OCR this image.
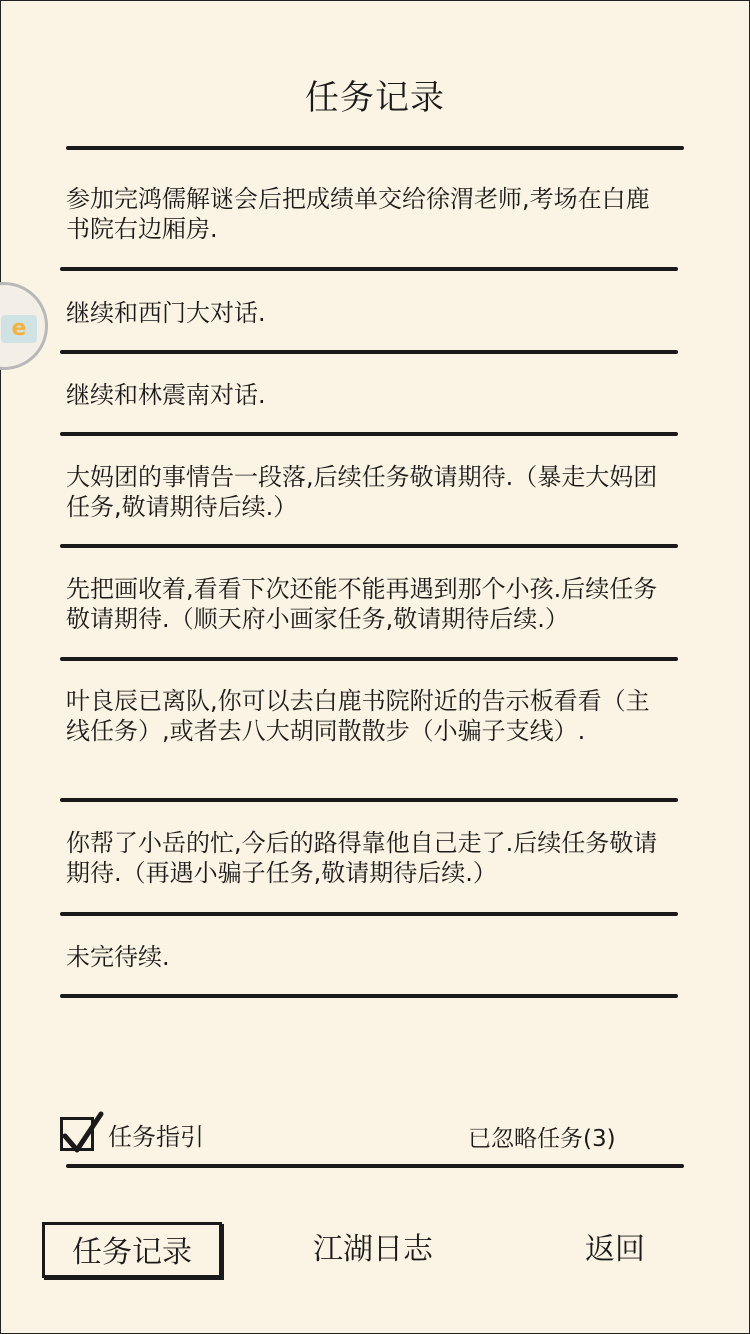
任务记录
参加完鸿儒解谜会后把成绩单交给徐渭老师,考场在白鹿书院右边厢房.
继续和西门大对话.
继续和林震南对话.
大妈团的事情告一段落,后续任务敬请期待.（暴走大妈团任务,敬请期待后续.）
先把画收着,看看下次还能不能再遇到那个小孩.后续任务敬请期待.（顺天府小画家任务,敬请期待后续.）
叶良辰已离队,你可以去白鹿书院附近的告示板看看（主线任务）,或者去八大胡同散散步（小骗子支线）.
你帮了小岳的忙,今后的路得靠他自己走了.后续任务敬请期待.（再遇小骗子任务,敬请期待后续.）
未完待续.
e
任务指引	已忽略任务(3)
任务记录	江湖日志	返回
